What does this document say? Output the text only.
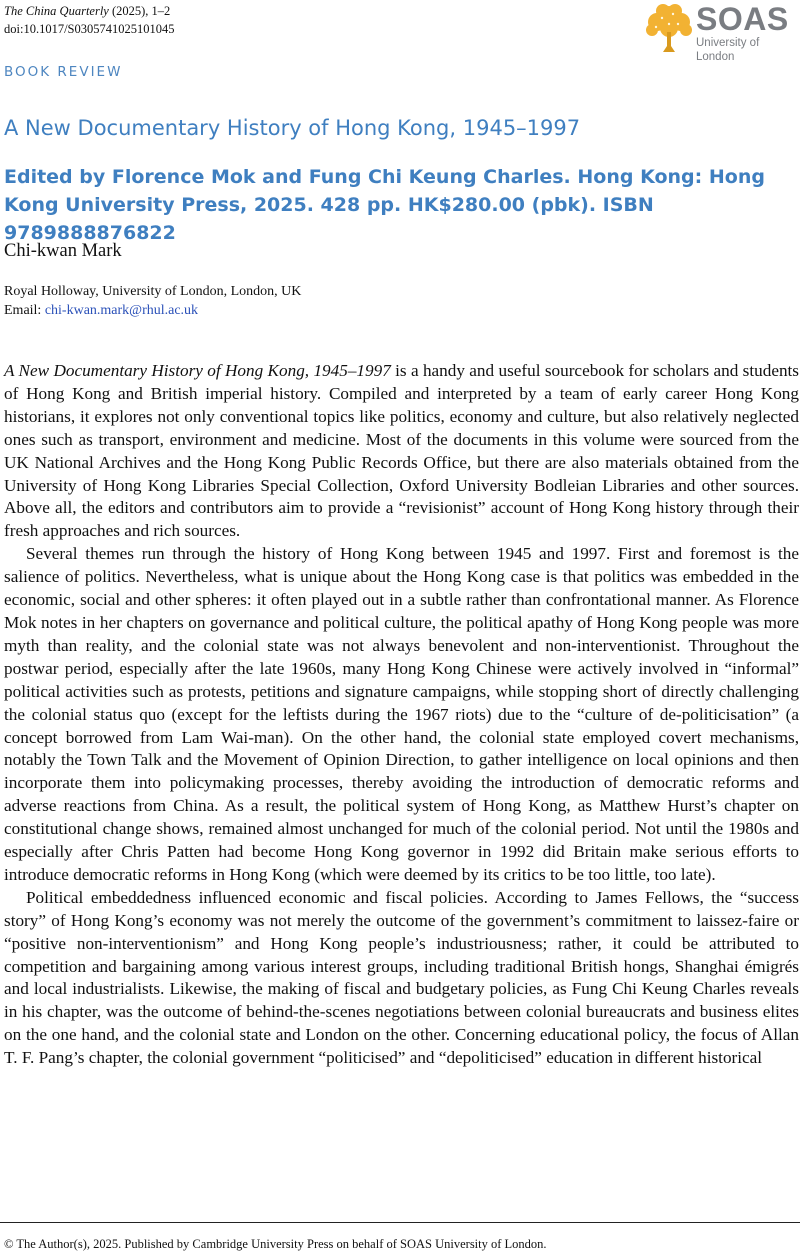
The China Quarterly (2025), 1–2
doi:10.1017/S0305741025101045	SOAS
University of London
BOOK REVIEW
A New Documentary History of Hong Kong, 1945–1997
Edited by Florence Mok and Fung Chi Keung Charles. Hong Kong: Hong Kong University Press, 2025. 428 pp. HK$280.00 (pbk). ISBN 9789888876822
Chi-kwan Mark
Royal Holloway, University of London, London, UK
Email: chi-kwan.mark@rhul.ac.uk

A New Documentary History of Hong Kong, 1945–1997 is a handy and useful sourcebook for scholars and students of Hong Kong and British imperial history. Compiled and interpreted by a team of early career Hong Kong historians, it explores not only conventional topics like politics, economy and culture, but also relatively neglected ones such as transport, environment and medicine. Most of the documents in this volume were sourced from the UK National Archives and the Hong Kong Public Records Office, but there are also materials obtained from the University of Hong Kong Libraries Special Collection, Oxford University Bodleian Libraries and other sources. Above all, the editors and contributors aim to provide a “revisionist” account of Hong Kong history through their fresh approaches and rich sources.

Several themes run through the history of Hong Kong between 1945 and 1997. First and foremost is the salience of politics. Nevertheless, what is unique about the Hong Kong case is that politics was embedded in the economic, social and other spheres: it often played out in a subtle rather than confrontational manner. As Florence Mok notes in her chapters on governance and political culture, the political apathy of Hong Kong people was more myth than reality, and the colonial state was not always benevolent and non-interventionist. Throughout the postwar period, especially after the late 1960s, many Hong Kong Chinese were actively involved in “informal” political activities such as protests, petitions and signature campaigns, while stopping short of directly challenging the colonial status quo (except for the leftists during the 1967 riots) due to the “culture of de-politicisation” (a concept borrowed from Lam Wai-man). On the other hand, the colonial state employed covert mechanisms, notably the Town Talk and the Movement of Opinion Direction, to gather intelligence on local opinions and then incorporate them into policymaking processes, thereby avoiding the introduction of democratic reforms and adverse reactions from China. As a result, the political system of Hong Kong, as Matthew Hurst’s chapter on constitutional change shows, remained almost unchanged for much of the colonial period. Not until the 1980s and especially after Chris Patten had become Hong Kong governor in 1992 did Britain make serious efforts to introduce democratic reforms in Hong Kong (which were deemed by its critics to be too little, too late).

Political embeddedness influenced economic and fiscal policies. According to James Fellows, the “success story” of Hong Kong’s economy was not merely the outcome of the government’s commitment to laissez-faire or “positive non-interventionism” and Hong Kong people’s industriousness; rather, it could be attributed to competition and bargaining among various interest groups, including traditional British hongs, Shanghai émigrés and local industrialists. Likewise, the making of fiscal and budgetary policies, as Fung Chi Keung Charles reveals in his chapter, was the outcome of behind-the-scenes negotiations between colonial bureaucrats and business elites on the one hand, and the colonial state and London on the other. Concerning educational policy, the focus of Allan T. F. Pang’s chapter, the colonial government “politicised” and “depoliticised” education in different historical

© The Author(s), 2025. Published by Cambridge University Press on behalf of SOAS University of London.
